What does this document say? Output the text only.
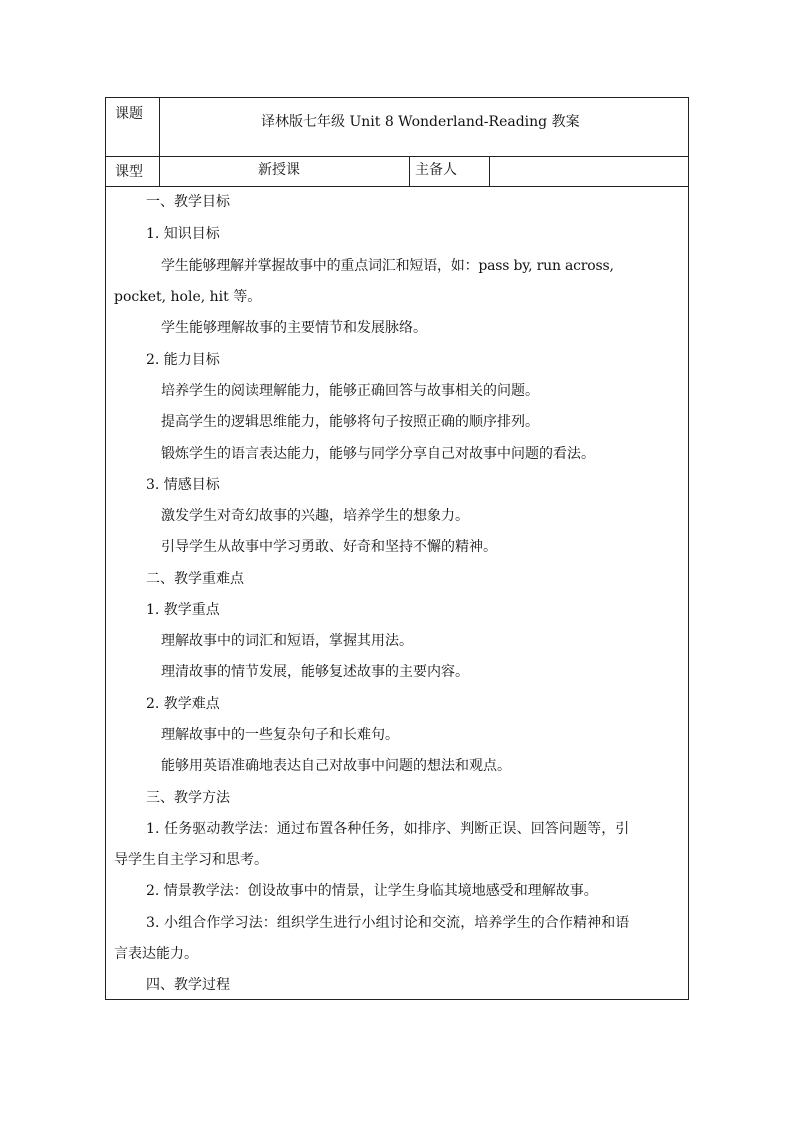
课题	译林版七年级 Unit 8 Wonderland-Reading 教案
课型	新授课	主备人
一、教学目标
1. 知识目标
学生能够理解并掌握故事中的重点词汇和短语，如：pass by, run across,
pocket, hole, hit 等。
学生能够理解故事的主要情节和发展脉络。
2. 能力目标
培养学生的阅读理解能力，能够正确回答与故事相关的问题。
提高学生的逻辑思维能力，能够将句子按照正确的顺序排列。
锻炼学生的语言表达能力，能够与同学分享自己对故事中问题的看法。
3. 情感目标
激发学生对奇幻故事的兴趣，培养学生的想象力。
引导学生从故事中学习勇敢、好奇和坚持不懈的精神。
二、教学重难点
1. 教学重点
理解故事中的词汇和短语，掌握其用法。
理清故事的情节发展，能够复述故事的主要内容。
2. 教学难点
理解故事中的一些复杂句子和长难句。
能够用英语准确地表达自己对故事中问题的想法和观点。
三、教学方法
1. 任务驱动教学法：通过布置各种任务，如排序、判断正误、回答问题等，引
导学生自主学习和思考。
2. 情景教学法：创设故事中的情景，让学生身临其境地感受和理解故事。
3. 小组合作学习法：组织学生进行小组讨论和交流，培养学生的合作精神和语
言表达能力。
四、教学过程
